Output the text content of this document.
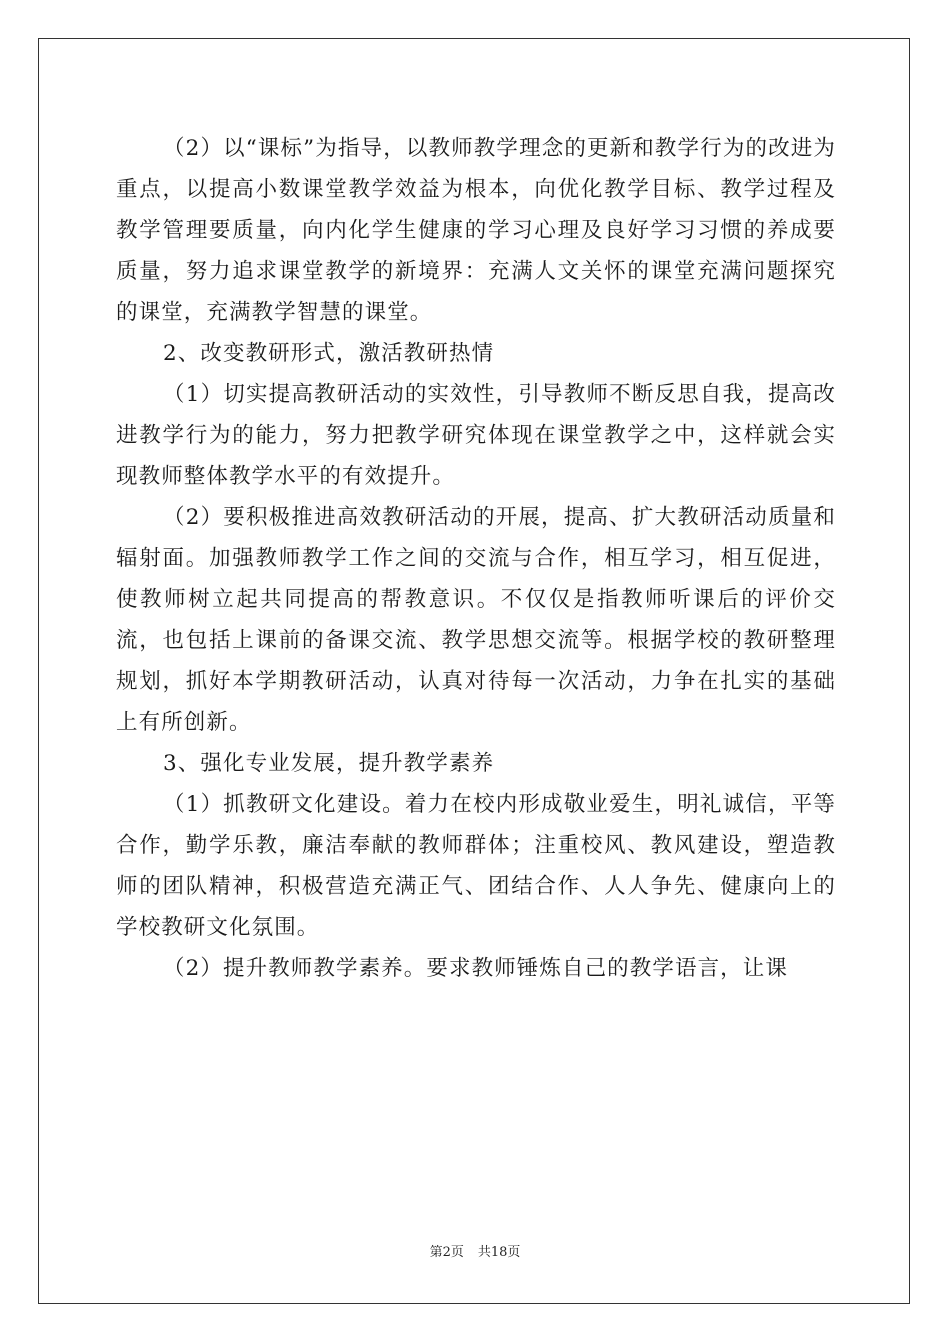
（2）以“课标”为指导，以教师教学理念的更新和教学行为的改进为重点，以提高小数课堂教学效益为根本，向优化教学目标、教学过程及教学管理要质量，向内化学生健康的学习心理及良好学习习惯的养成要质量，努力追求课堂教学的新境界：充满人文关怀的课堂充满问题探究的课堂，充满教学智慧的课堂。

2、改变教研形式，激活教研热情

（1）切实提高教研活动的实效性，引导教师不断反思自我，提高改进教学行为的能力，努力把教学研究体现在课堂教学之中，这样就会实现教师整体教学水平的有效提升。

（2）要积极推进高效教研活动的开展，提高、扩大教研活动质量和辐射面。加强教师教学工作之间的交流与合作，相互学习，相互促进，使教师树立起共同提高的帮教意识。不仅仅是指教师听课后的评价交流，也包括上课前的备课交流、教学思想交流等。根据学校的教研整理规划，抓好本学期教研活动，认真对待每一次活动，力争在扎实的基础上有所创新。

3、强化专业发展，提升教学素养

（1）抓教研文化建设。着力在校内形成敬业爱生，明礼诚信，平等合作，勤学乐教，廉洁奉献的教师群体；注重校风、教风建设，塑造教师的团队精神，积极营造充满正气、团结合作、人人争先、健康向上的学校教研文化氛围。

（2）提升教师教学素养。要求教师锤炼自己的教学语言，让课

第2页 共18页
